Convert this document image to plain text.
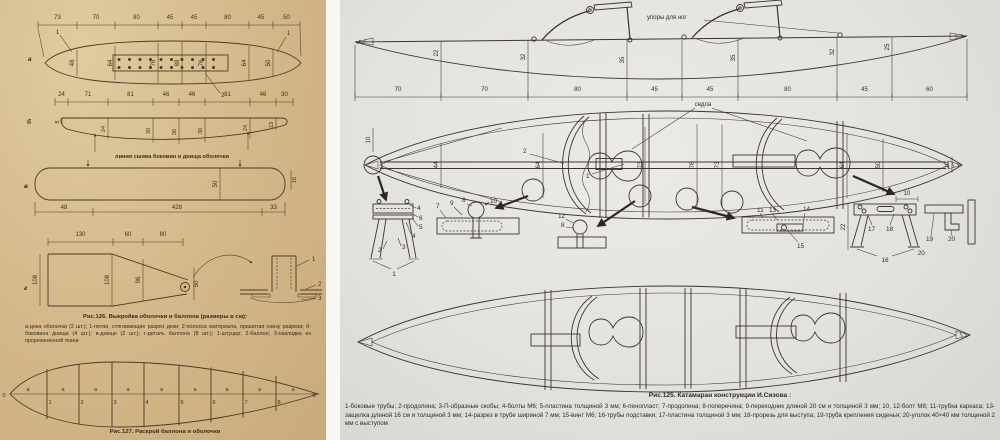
73	70	80	45	45	80	45	50
48	64	76	88	76	64	50
а
1	1
2
24	71	81	46	46	81	46 30
8
24	30	36	30	24	13
б
линия сшива боковин и днища оболочки
50
16
48	428	33
в
130	60	80
108	108	96
50
г
1
2
3
0
1	2	3	4	5	6	7	8
9
а	а	а	а	а	а	а	а	а
Рис.126. Выкройка оболочки и баллона (размеры в см):
а-дека оболочки (2 шт.); 1-петли, стягивающие разрез деки; 2-полоска материала, пришитая снизу разреза; б-боковина днища (4 шт.); в-днище (2 шт.); г-деталь баллона (8 шт.); 1-штуцер; 2-баллон; 3-накладка из прорезиненной ткани
Рис.127. Раскрой баллона и оболочки
упоры для ног
22
32	35	35
32
25
70	70	80	45	45	80	45	60
седла
10
44	64	73	76	73	64	50	10
2
1
4
6
5
4
3
2
1
7 9 8	10
12
8
11 13	14
15
17 18
16
10
22
20
19 20
Рис.125. Катамаран конструкции И.Сизова :
1-боковые трубы; 2-продолина; 3-П-образные скобы; 4-болты М6; 5-пластина толщиной 3 мм; 6-пенопласт; 7-продолина; 8-поперечина; 9-переходник длиной 20 см и толщиной 3 мм; 10, 12-болт М8; 11-трубка каркаса; 13-защелка длиной 16 см и толщиной 3 мм; 14-разрез в трубе шириной 7 мм; 15-винт М6; 16-трубы подставки; 17-пластина толщиной 3 мм; 18-прорезь для выступа; 19-труба крепления сиденья; 20-уголок 40×40 мм толщиной 2 мм с выступом
